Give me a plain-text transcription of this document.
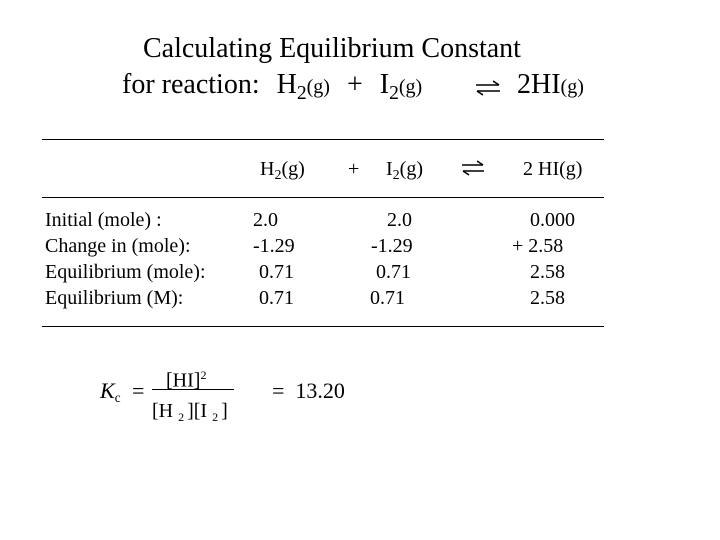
Calculating Equilibrium Constant
for reaction: $H_2(g) + I_2(g)$	⇌ 2HI(g)
$H_2(g) + I_2(g)$	2 HI(g)
Initial (mole) :
Change in (mole):
Equilibrium (mole):
Equilibrium (M):
2.0
-1.29
0.71
0.71
2.0
-1.29
0.71
0.71
0.000
+ 2.58
2.58
2.58
$K_c = [HI]^2$
[H $_2$ ][I $_2$ ]
=  13.20
